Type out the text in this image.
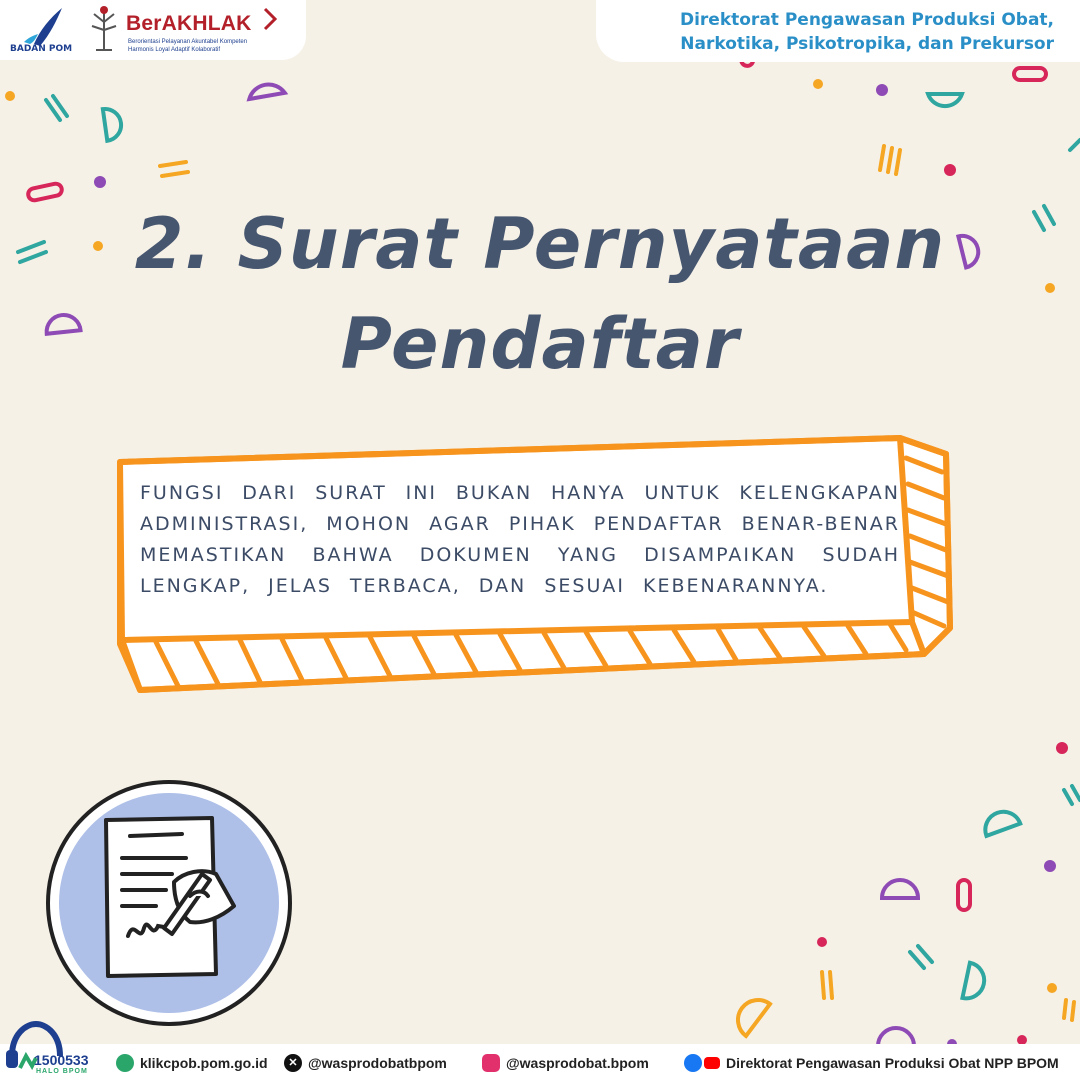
BADAN POM
BerAKHLAK
Berorientasi Pelayanan Akuntabel Kompeten
Harmonis Loyal Adaptif Kolaboratif
Direktorat Pengawasan Produksi Obat, Narkotika, Psikotropika, dan Prekursor
2. Surat Pernyataan
Pendaftar

FUNGSI DARI SURAT INI BUKAN HANYA UNTUK KELENGKAPAN ADMINISTRASI, MOHON AGAR PIHAK PENDAFTAR BENAR-BENAR MEMASTIKAN BAHWA DOKUMEN YANG DISAMPAIKAN SUDAH LENGKAP, JELAS TERBACA, DAN SESUAI KEBENARANNYA.

1500533
HALO BPOM
klikcpob.pom.go.id	✕ @wasprodobatbpom	@wasprodobat.bpom	Direktorat Pengawasan Produksi Obat NPP BPOM
